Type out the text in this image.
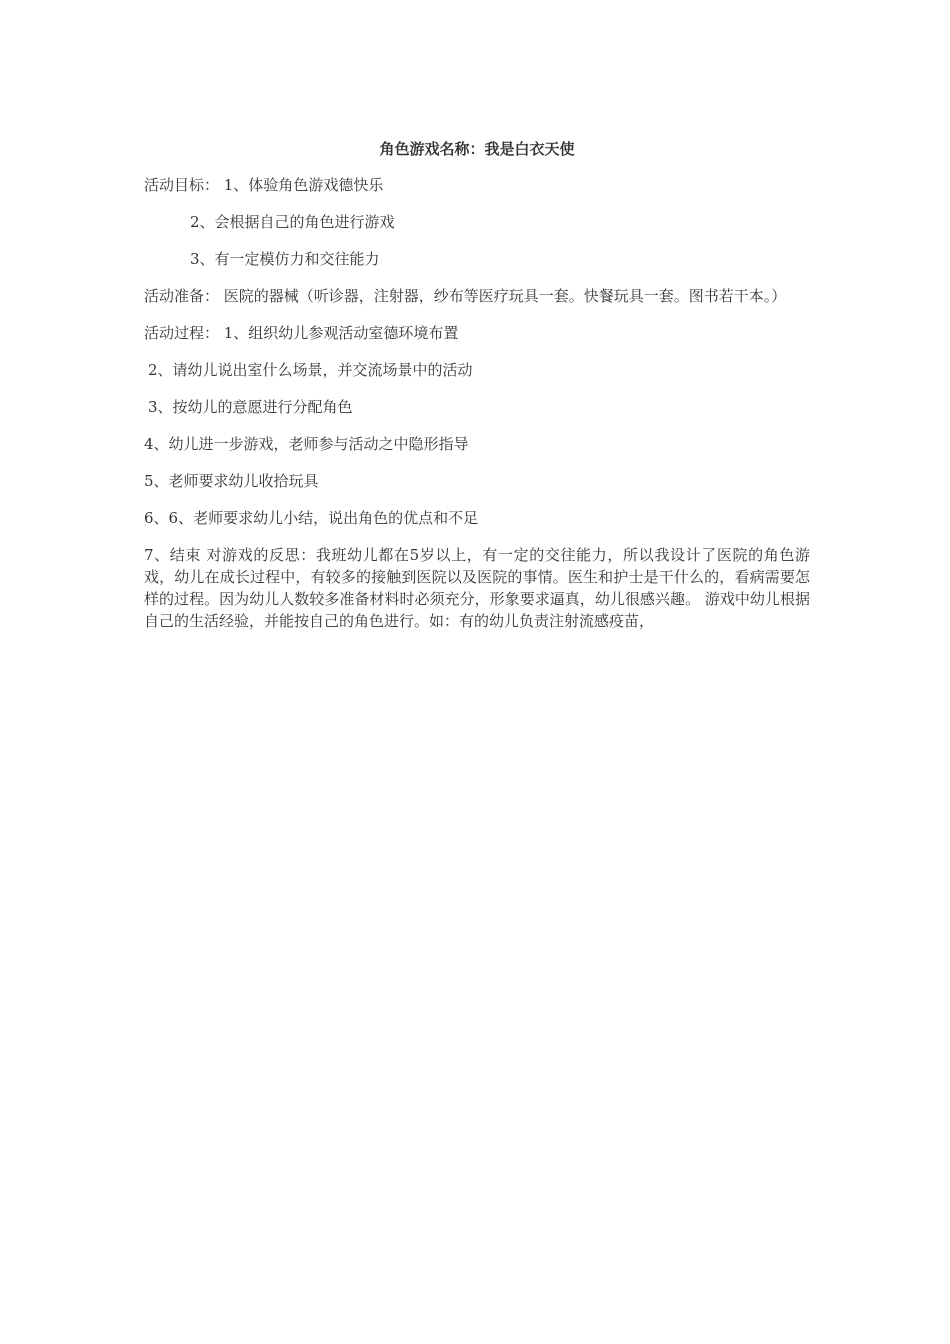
角色游戏名称：我是白衣天使

活动目标： 1、体验角色游戏德快乐

2、会根据自己的角色进行游戏

3、有一定模仿力和交往能力

活动准备： 医院的器械（听诊器，注射器，纱布等医疗玩具一套。快餐玩具一套。图书若干本。）

活动过程： 1、组织幼儿参观活动室德环境布置

2、请幼儿说出室什么场景，并交流场景中的活动

3、按幼儿的意愿进行分配角色

4、幼儿进一步游戏，老师参与活动之中隐形指导

5、老师要求幼儿收拾玩具

6、6、老师要求幼儿小结，说出角色的优点和不足

7、结束 对游戏的反思：我班幼儿都在5岁以上，有一定的交往能力，所以我设计了医院的角色游戏，幼儿在成长过程中，有较多的接触到医院以及医院的事情。医生和护士是干什么的，看病需要怎样的过程。因为幼儿人数较多准备材料时必须充分，形象要求逼真，幼儿很感兴趣。 游戏中幼儿根据自己的生活经验，并能按自己的角色进行。如：有的幼儿负责注射流感疫苗，
